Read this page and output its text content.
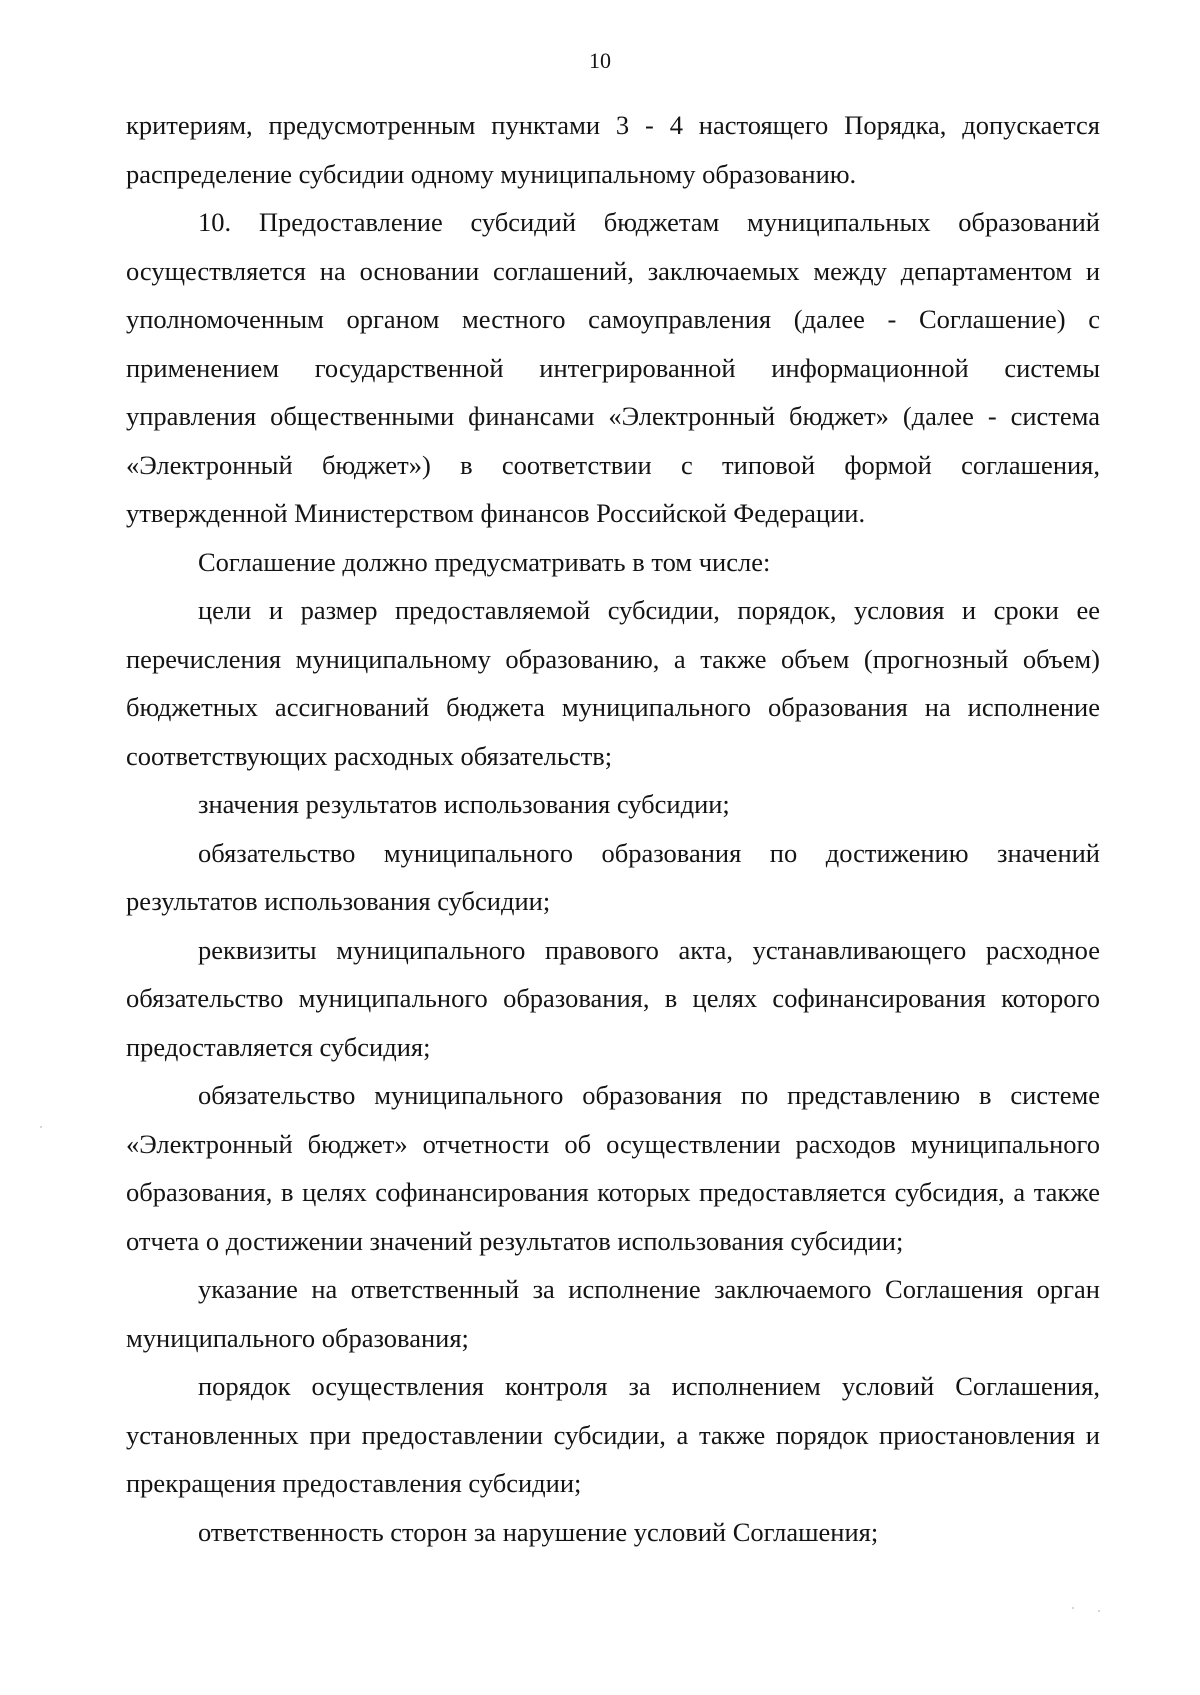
10

критериям, предусмотренным пунктами 3 - 4 настоящего Порядка, допускается распределение субсидии одному муниципальному образованию.

10. Предоставление субсидий бюджетам муниципальных образований осуществляется на основании соглашений, заключаемых между департаментом и уполномоченным органом местного самоуправления (далее - Соглашение) с применением государственной интегрированной информационной системы управления общественными финансами «Электронный бюджет» (далее - система «Электронный бюджет») в соответствии с типовой формой соглашения, утвержденной Министерством финансов Российской Федерации.

Соглашение должно предусматривать в том числе:

цели и размер предоставляемой субсидии, порядок, условия и сроки ее перечисления муниципальному образованию, а также объем (прогнозный объем) бюджетных ассигнований бюджета муниципального образования на исполнение соответствующих расходных обязательств;

значения результатов использования субсидии;

обязательство муниципального образования по достижению значений результатов использования субсидии;

реквизиты муниципального правового акта, устанавливающего расходное обязательство муниципального образования, в целях софинансирования которого предоставляется субсидия;

обязательство муниципального образования по представлению в системе «Электронный бюджет» отчетности об осуществлении расходов муниципального образования, в целях софинансирования которых предоставляется субсидия, а также отчета о достижении значений результатов использования субсидии;

указание на ответственный за исполнение заключаемого Соглашения орган муниципального образования;

порядок осуществления контроля за исполнением условий Соглашения, установленных при предоставлении субсидии, а также порядок приостановления и прекращения предоставления субсидии;

ответственность сторон за нарушение условий Соглашения;
